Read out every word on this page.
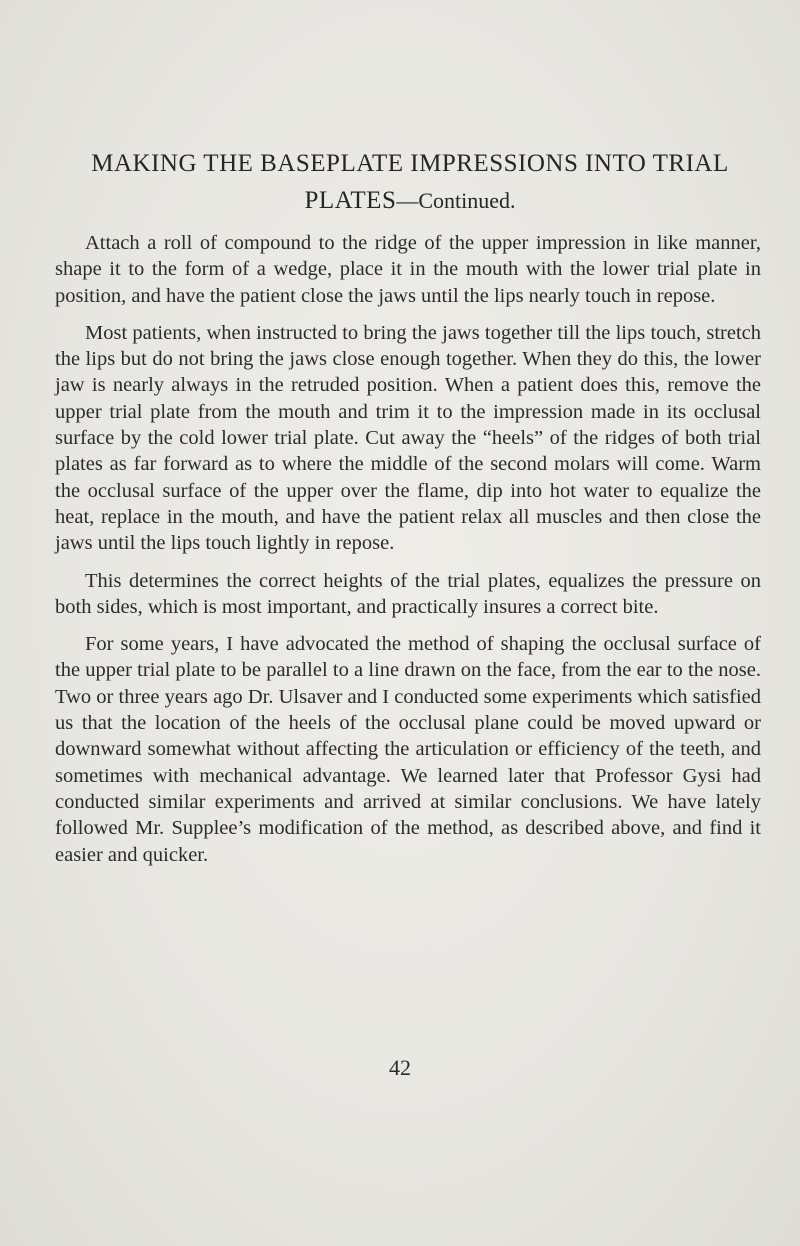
MAKING THE BASEPLATE IMPRESSIONS INTO TRIAL
PLATES—Continued.

Attach a roll of compound to the ridge of the upper impression in like manner, shape it to the form of a wedge, place it in the mouth with the lower trial plate in position, and have the patient close the jaws until the lips nearly touch in repose.

Most patients, when instructed to bring the jaws together till the lips touch, stretch the lips but do not bring the jaws close enough together. When they do this, the lower jaw is nearly always in the retruded position. When a patient does this, remove the upper trial plate from the mouth and trim it to the impression made in its occlusal surface by the cold lower trial plate. Cut away the “heels” of the ridges of both trial plates as far forward as to where the middle of the second molars will come. Warm the occlusal surface of the upper over the flame, dip into hot water to equalize the heat, replace in the mouth, and have the patient relax all muscles and then close the jaws until the lips touch lightly in repose.

This determines the correct heights of the trial plates, equalizes the pressure on both sides, which is most important, and practically insures a correct bite.

For some years, I have advocated the method of shaping the occlusal surface of the upper trial plate to be parallel to a line drawn on the face, from the ear to the nose. Two or three years ago Dr. Ulsaver and I conducted some experiments which satisfied us that the location of the heels of the occlusal plane could be moved upward or downward somewhat without affecting the articulation or efficiency of the teeth, and sometimes with mechanical advantage. We learned later that Professor Gysi had conducted similar experiments and arrived at similar conclusions. We have lately followed Mr. Supplee’s modification of the method, as described above, and find it easier and quicker.

42
